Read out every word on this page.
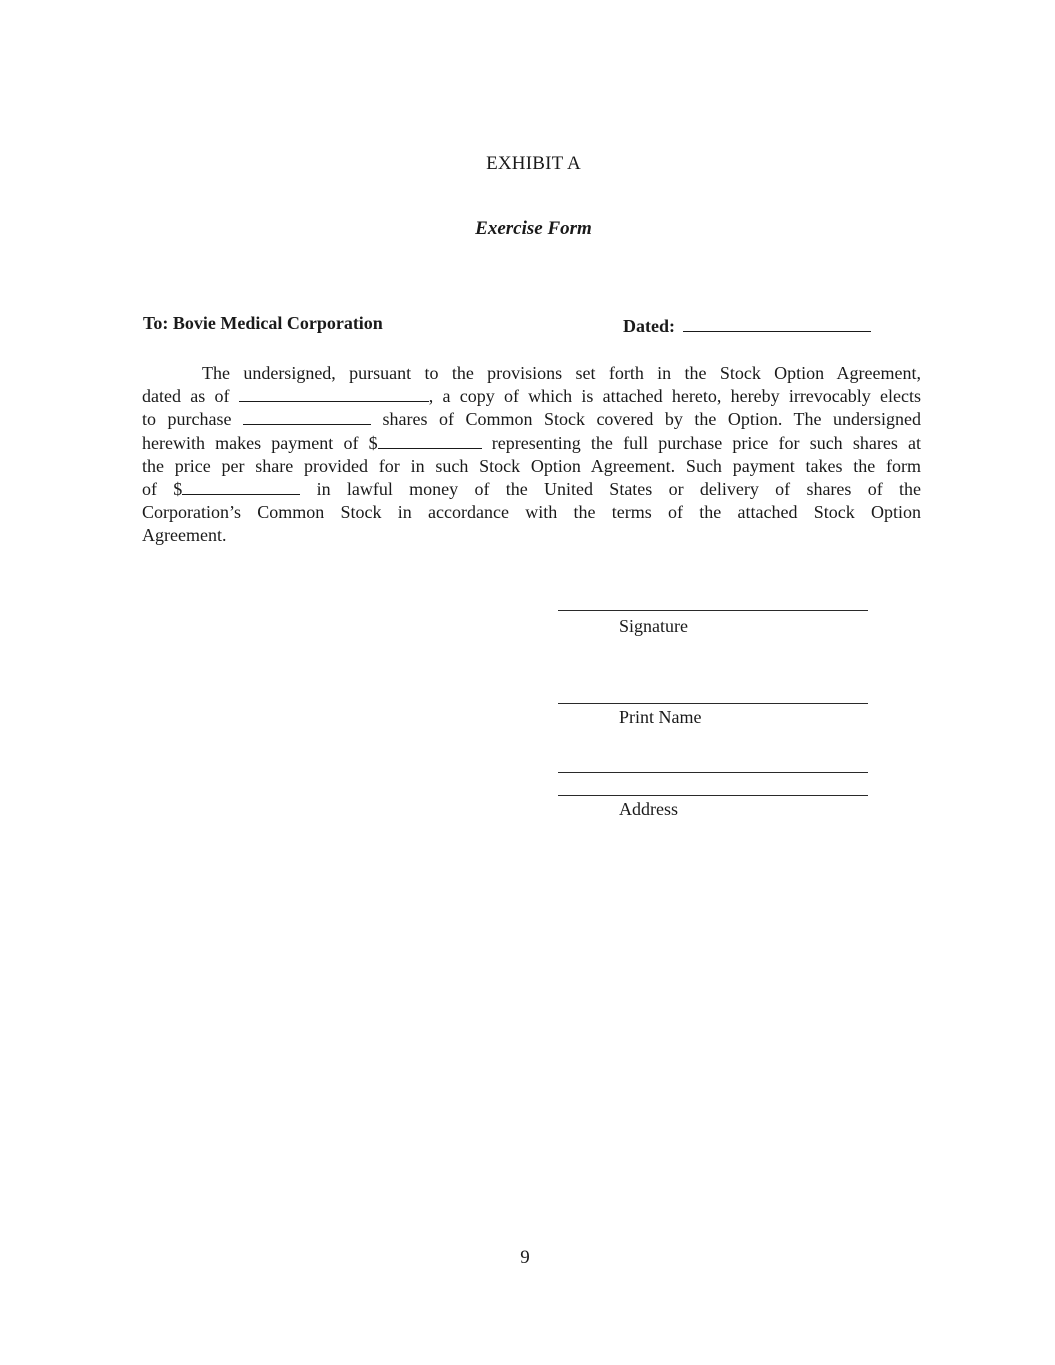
EXHIBIT A
Exercise Form
To: Bovie Medical Corporation	Dated:
The undersigned, pursuant to the provisions set forth in the Stock Option Agreement,
dated as of	, a copy of which is attached hereto, hereby irrevocably elects
to purchase	shares of Common Stock covered by the Option. The undersigned
herewith makes payment of $	representing the full purchase price for such shares at
the price per share provided for in such Stock Option Agreement. Such payment takes the form
of $	in lawful money of the United States or delivery of shares of the
Corporation’s Common Stock in accordance with the terms of the attached Stock Option
Agreement.
Signature
Print Name
Address
9
